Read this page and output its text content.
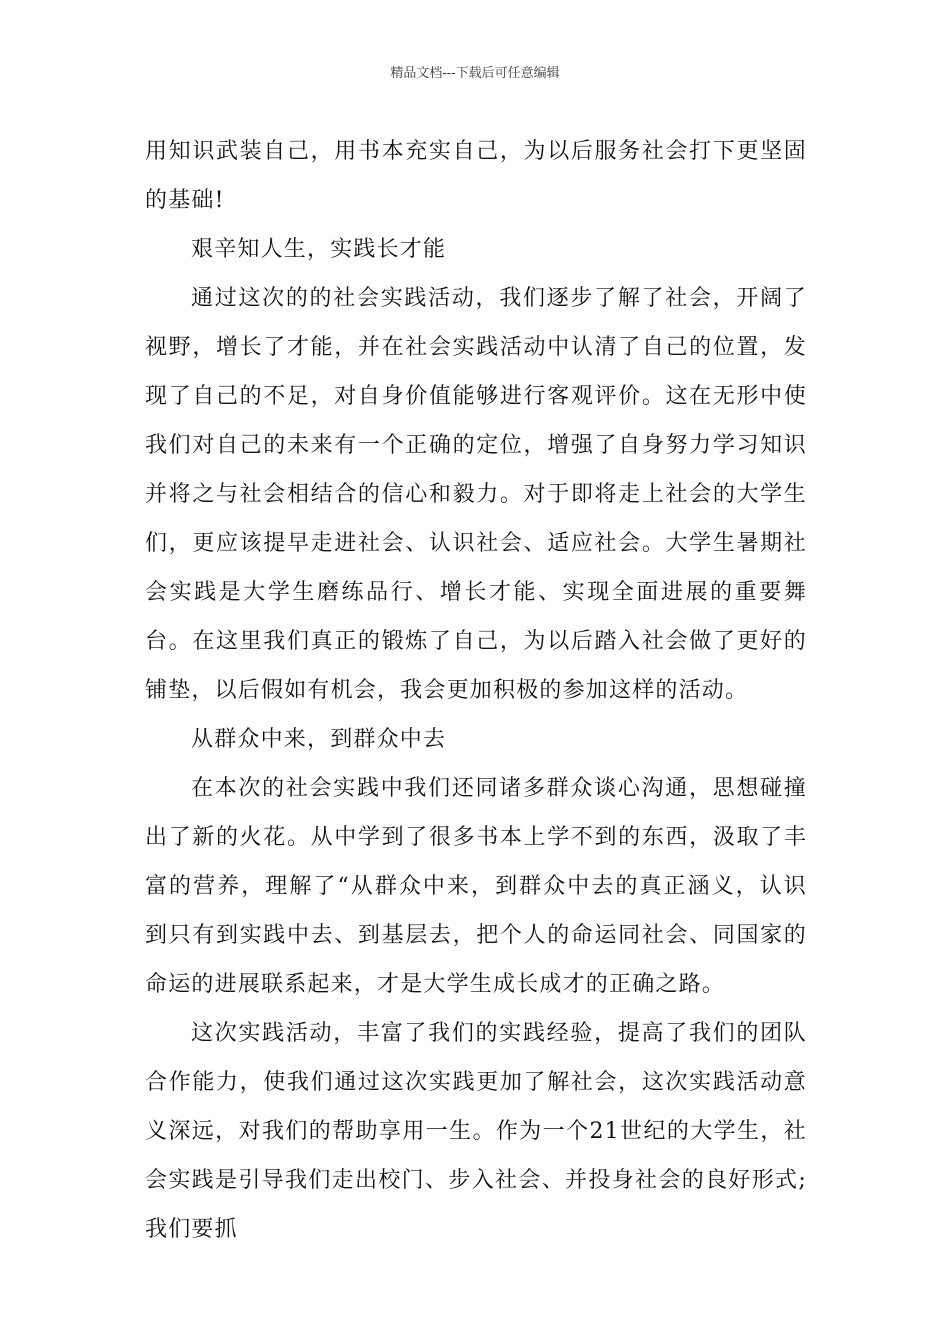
精品文档---下载后可任意编辑

用知识武装自己，用书本充实自己，为以后服务社会打下更坚固的基础!

艰辛知人生，实践长才能

通过这次的的社会实践活动，我们逐步了解了社会，开阔了视野，增长了才能，并在社会实践活动中认清了自己的位置，发现了自己的不足，对自身价值能够进行客观评价。这在无形中使我们对自己的未来有一个正确的定位，增强了自身努力学习知识并将之与社会相结合的信心和毅力。对于即将走上社会的大学生们，更应该提早走进社会、认识社会、适应社会。大学生暑期社会实践是大学生磨练品行、增长才能、实现全面进展的重要舞台。在这里我们真正的锻炼了自己，为以后踏入社会做了更好的铺垫，以后假如有机会，我会更加积极的参加这样的活动。

从群众中来，到群众中去

在本次的社会实践中我们还同诸多群众谈心沟通，思想碰撞出了新的火花。从中学到了很多书本上学不到的东西，汲取了丰富的营养，理解了“从群众中来，到群众中去的真正涵义，认识到只有到实践中去、到基层去，把个人的命运同社会、同国家的命运的进展联系起来，才是大学生成长成才的正确之路。

这次实践活动，丰富了我们的实践经验，提高了我们的团队合作能力，使我们通过这次实践更加了解社会，这次实践活动意义深远，对我们的帮助享用一生。作为一个21世纪的大学生，社会实践是引导我们走出校门、步入社会、并投身社会的良好形式;我们要抓
